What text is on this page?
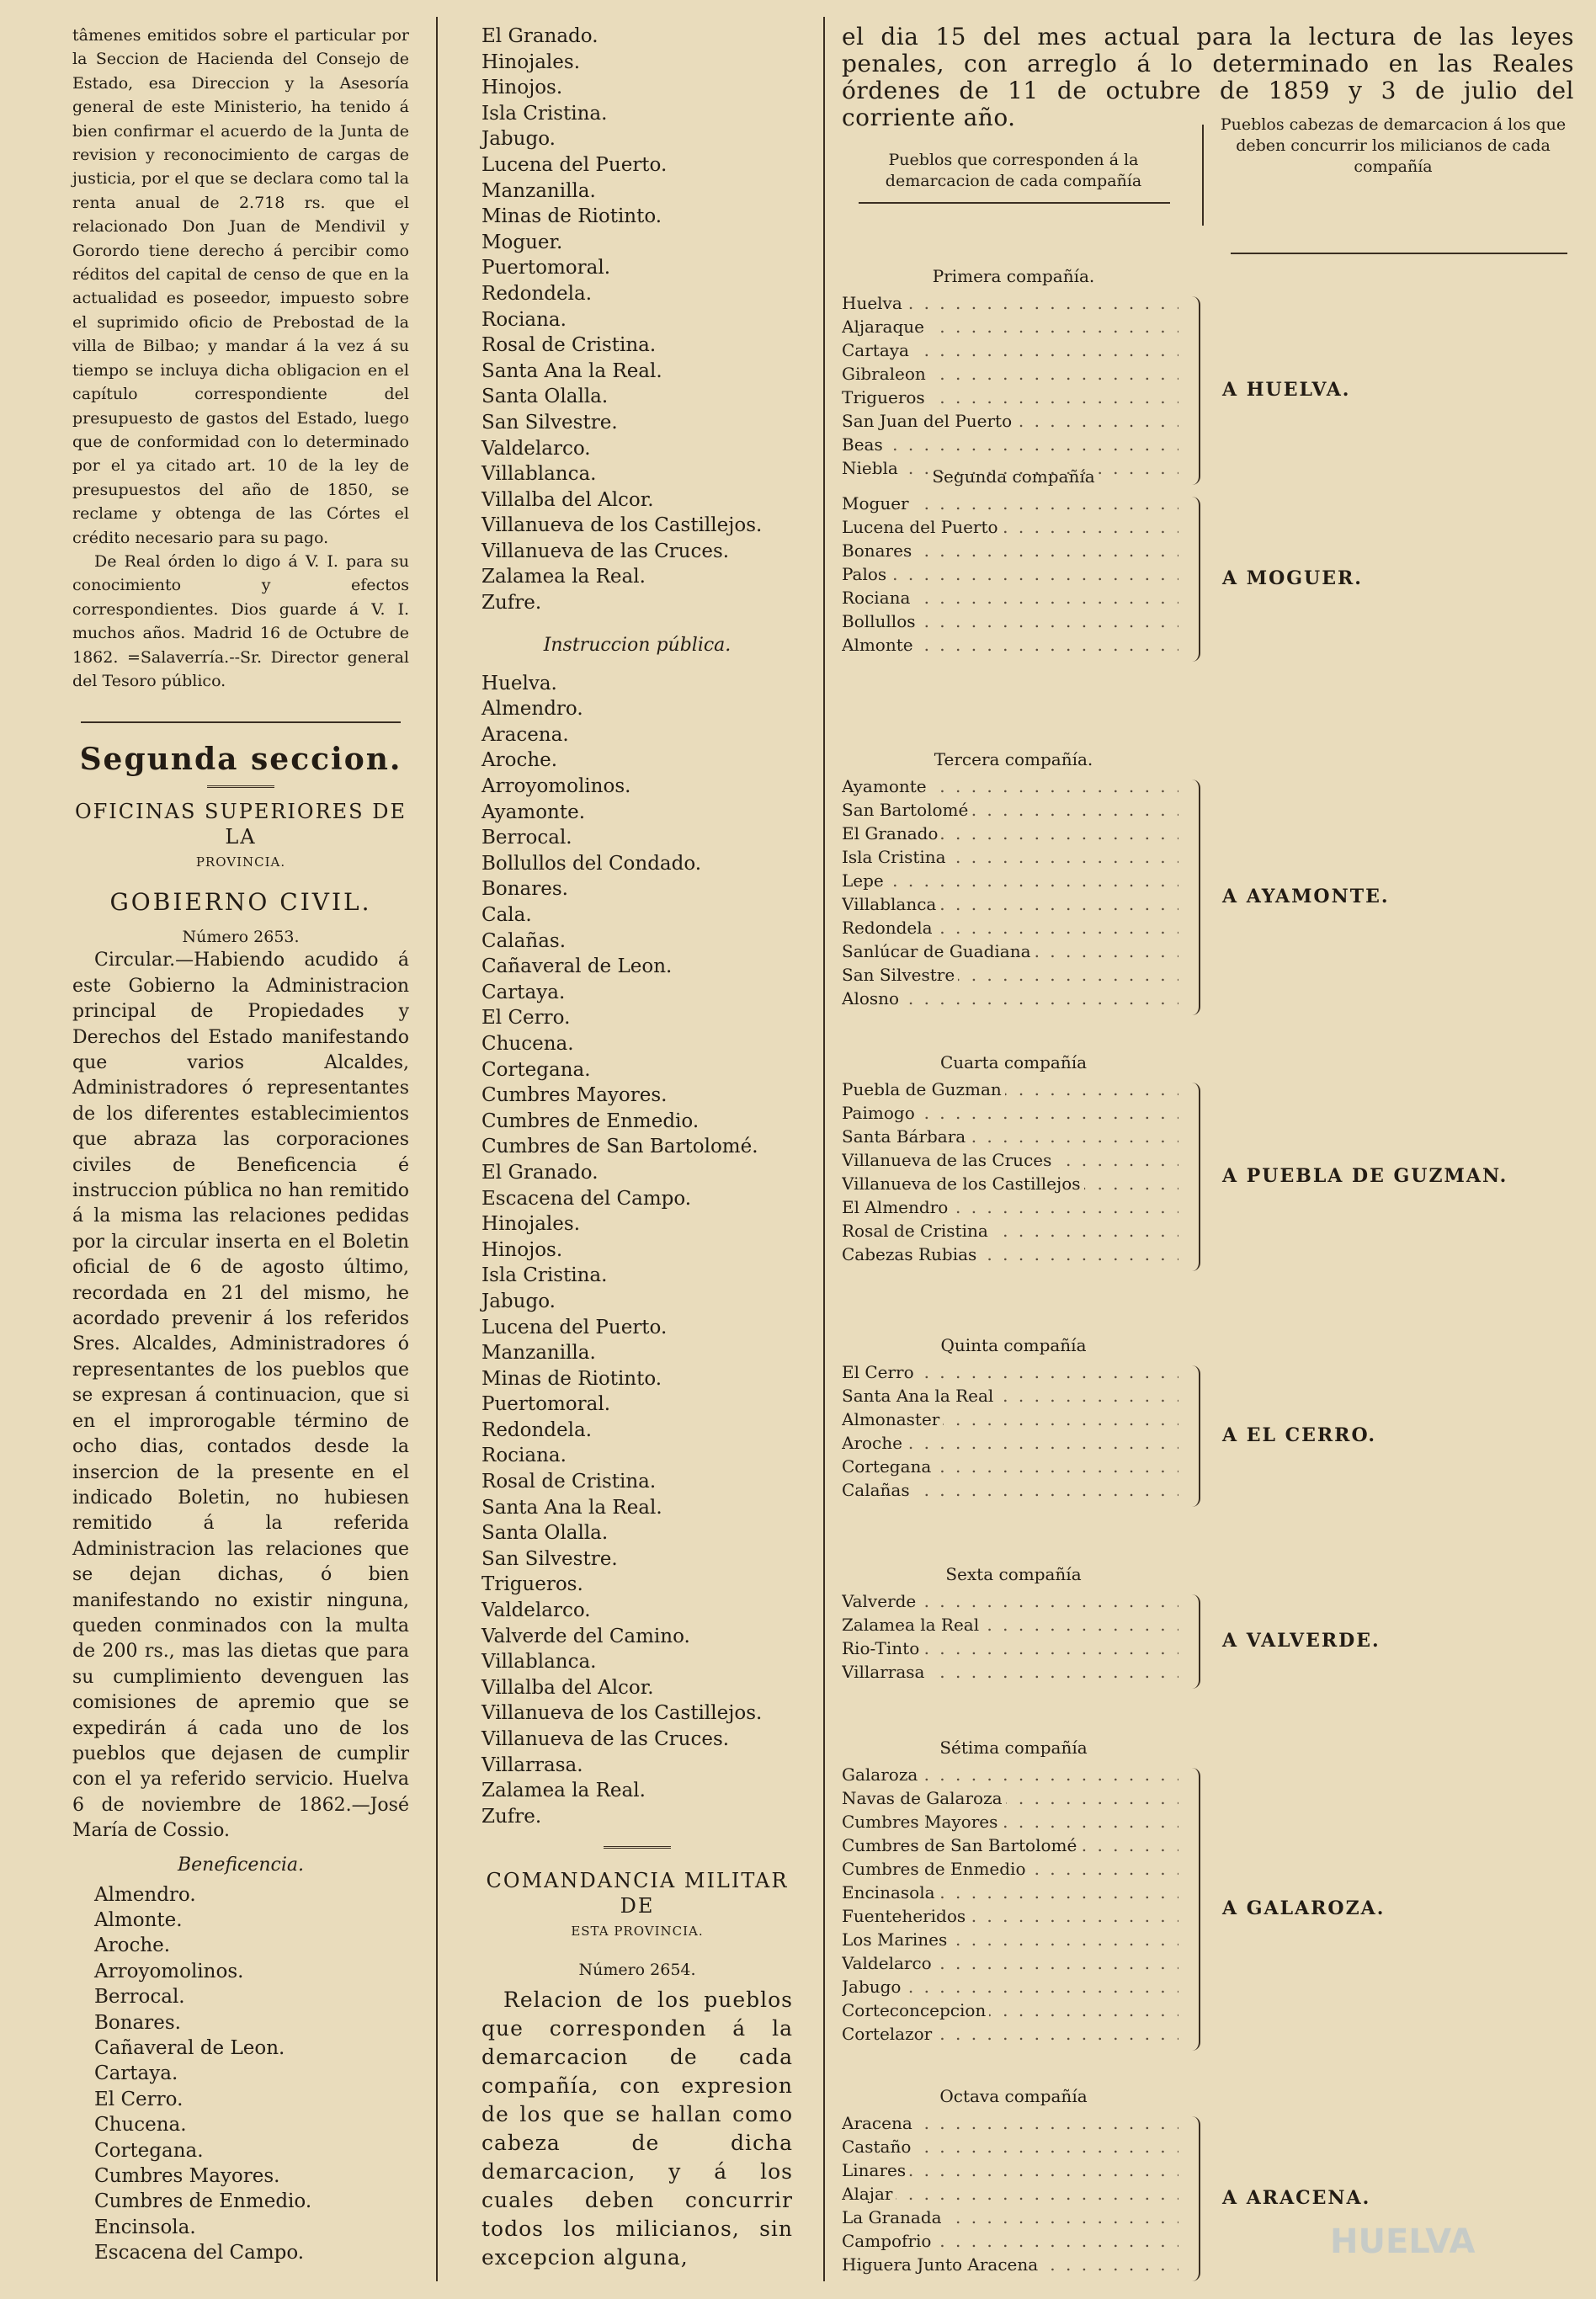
tâmenes emitidos sobre el particular por la Seccion de Hacienda del Consejo de Estado, esa Direccion y la Asesoría general de este Ministerio, ha tenido á bien confirmar el acuerdo de la Junta de revision y reconocimiento de cargas de justicia, por el que se declara como tal la renta anual de 2.718 rs. que el relacionado Don Juan de Mendivil y Gorordo tiene derecho á percibir como réditos del capital de censo de que en la actualidad es poseedor, impuesto sobre el suprimido oficio de Prebostad de la villa de Bilbao; y mandar á la vez á su tiempo se incluya dicha obligacion en el capítulo correspondiente del presupuesto de gastos del Estado, luego que de conformidad con lo determinado por el ya citado art. 10 de la ley de presupuestos del año de 1850, se reclame y obtenga de las Córtes el crédito necesario para su pago.

De Real órden lo digo á V. I. para su conocimiento y efectos correspondientes. Dios guarde á V. I. muchos años. Madrid 16 de Octubre de 1862. =Salaverría.--Sr. Director general del Tesoro público.

Segunda seccion.
OFICINAS SUPERIORES DE LA
PROVINCIA.
GOBIERNO CIVIL.
Número 2653.

Circular.—Habiendo acudido á este Gobierno la Administracion principal de Propiedades y Derechos del Estado manifestando que varios Alcaldes, Administradores ó representantes de los diferentes establecimientos que abraza las corporaciones civiles de Beneficencia é instruccion pública no han remitido á la misma las relaciones pedidas por la circular inserta en el Boletin oficial de 6 de agosto último, recordada en 21 del mismo, he acordado prevenir á los referidos Sres. Alcaldes, Administradores ó representantes de los pueblos que se expresan á continuacion, que si en el improrogable término de ocho dias, contados desde la insercion de la presente en el indicado Boletin, no hubiesen remitido á la referida Administracion las relaciones que se dejan dichas, ó bien manifestando no existir ninguna, queden conminados con la multa de 200 rs., mas las dietas que para su cumplimiento devenguen las comisiones de apremio que se expedirán á cada uno de los pueblos que dejasen de cumplir con el ya referido servicio. Huelva 6 de noviembre de 1862.—José María de Cossio.

Beneficencia.

Almendro.

Almonte.

Aroche.

Arroyomolinos.

Berrocal.

Bonares.

Cañaveral de Leon.

Cartaya.

El Cerro.

Chucena.

Cortegana.

Cumbres Mayores.

Cumbres de Enmedio.

Encinsola.

Escacena del Campo.

El Granado.

Hinojales.

Hinojos.

Isla Cristina.

Jabugo.

Lucena del Puerto.

Manzanilla.

Minas de Riotinto.

Moguer.

Puertomoral.

Redondela.

Rociana.

Rosal de Cristina.

Santa Ana la Real.

Santa Olalla.

San Silvestre.

Valdelarco.

Villablanca.

Villalba del Alcor.

Villanueva de los Castillejos.

Villanueva de las Cruces.

Zalamea la Real.

Zufre.

Instruccion pública.

Huelva.

Almendro.

Aracena.

Aroche.

Arroyomolinos.

Ayamonte.

Berrocal.

Bollullos del Condado.

Bonares.

Cala.

Calañas.

Cañaveral de Leon.

Cartaya.

El Cerro.

Chucena.

Cortegana.

Cumbres Mayores.

Cumbres de Enmedio.

Cumbres de San Bartolomé.

El Granado.

Escacena del Campo.

Hinojales.

Hinojos.

Isla Cristina.

Jabugo.

Lucena del Puerto.

Manzanilla.

Minas de Riotinto.

Puertomoral.

Redondela.

Rociana.

Rosal de Cristina.

Santa Ana la Real.

Santa Olalla.

San Silvestre.

Trigueros.

Valdelarco.

Valverde del Camino.

Villablanca.

Villalba del Alcor.

Villanueva de los Castillejos.

Villanueva de las Cruces.

Villarrasa.

Zalamea la Real.

Zufre.

COMANDANCIA MILITAR DE
ESTA PROVINCIA.
Número 2654.

Relacion de los pueblos que corresponden á la demarcacion de cada compañía, con expresion de los que se hallan como cabeza de dicha demarcacion, y á los cuales deben concurrir todos los milicianos, sin excepcion alguna,

el dia 15 del mes actual para la lectura de las leyes penales, con arreglo á lo determinado en las Reales órdenes de 11 de octubre de 1859 y 3 de julio del corriente año.

Pueblos que corresponden á la demarcacion de cada compañía
Pueblos cabezas de demarcacion á los que deben concurrir los milicianos de cada compañía
Primera compañía.
Huelva . . .
Aljaraque . . .
Cartaya . . .
Gibraleon . . .
Trigueros . . .
San Juan del Puerto . . .
Beas . . .
Niebla . . .
A HUELVA.
Segunda compañía
Moguer . . .
Lucena del Puerto . . .
Bonares . . .
Palos . . .
Rociana . . .
Bollullos . . .
Almonte . . .
A MOGUER.
Tercera compañía.
Ayamonte . . .
San Bartolomé . . .
El Granado . . .
Isla Cristina . . .
Lepe . . .
Villablanca . . .
Redondela . . .
Sanlúcar de Guadiana . . .
San Silvestre . . .
Alosno . . .
A AYAMONTE.
Cuarta compañía
Puebla de Guzman . . .
Paimogo . . .
Santa Bárbara . . .
Villanueva de las Cruces . . .
Villanueva de los Castillejos . . .
El Almendro . . .
Rosal de Cristina . . .
Cabezas Rubias . . .
A PUEBLA DE GUZMAN.
Quinta compañía
El Cerro . . .
Santa Ana la Real . . .
Almonaster . . .
Aroche . . .
Cortegana . . .
Calañas . . .
A EL CERRO.
Sexta compañía
Valverde . . .
Zalamea la Real . . .
Rio-Tinto . . .
Villarrasa . . .
A VALVERDE.
Sétima compañía
Galaroza . . .
Navas de Galaroza . . .
Cumbres Mayores . . .
Cumbres de San Bartolomé . . .
Cumbres de Enmedio . . .
Encinasola . . .
Fuenteheridos . . .
Los Marines . . .
Valdelarco . . .
Jabugo . . .
Corteconcepcion . . .
Cortelazor . . .
A GALAROZA.
Octava compañía
Aracena . . .
Castaño . . .
Linares . . .
Alajar . . .
La Granada . . .
Campofrio . . .
Higuera Junto Aracena . . .
A ARACENA.
HUELVA
